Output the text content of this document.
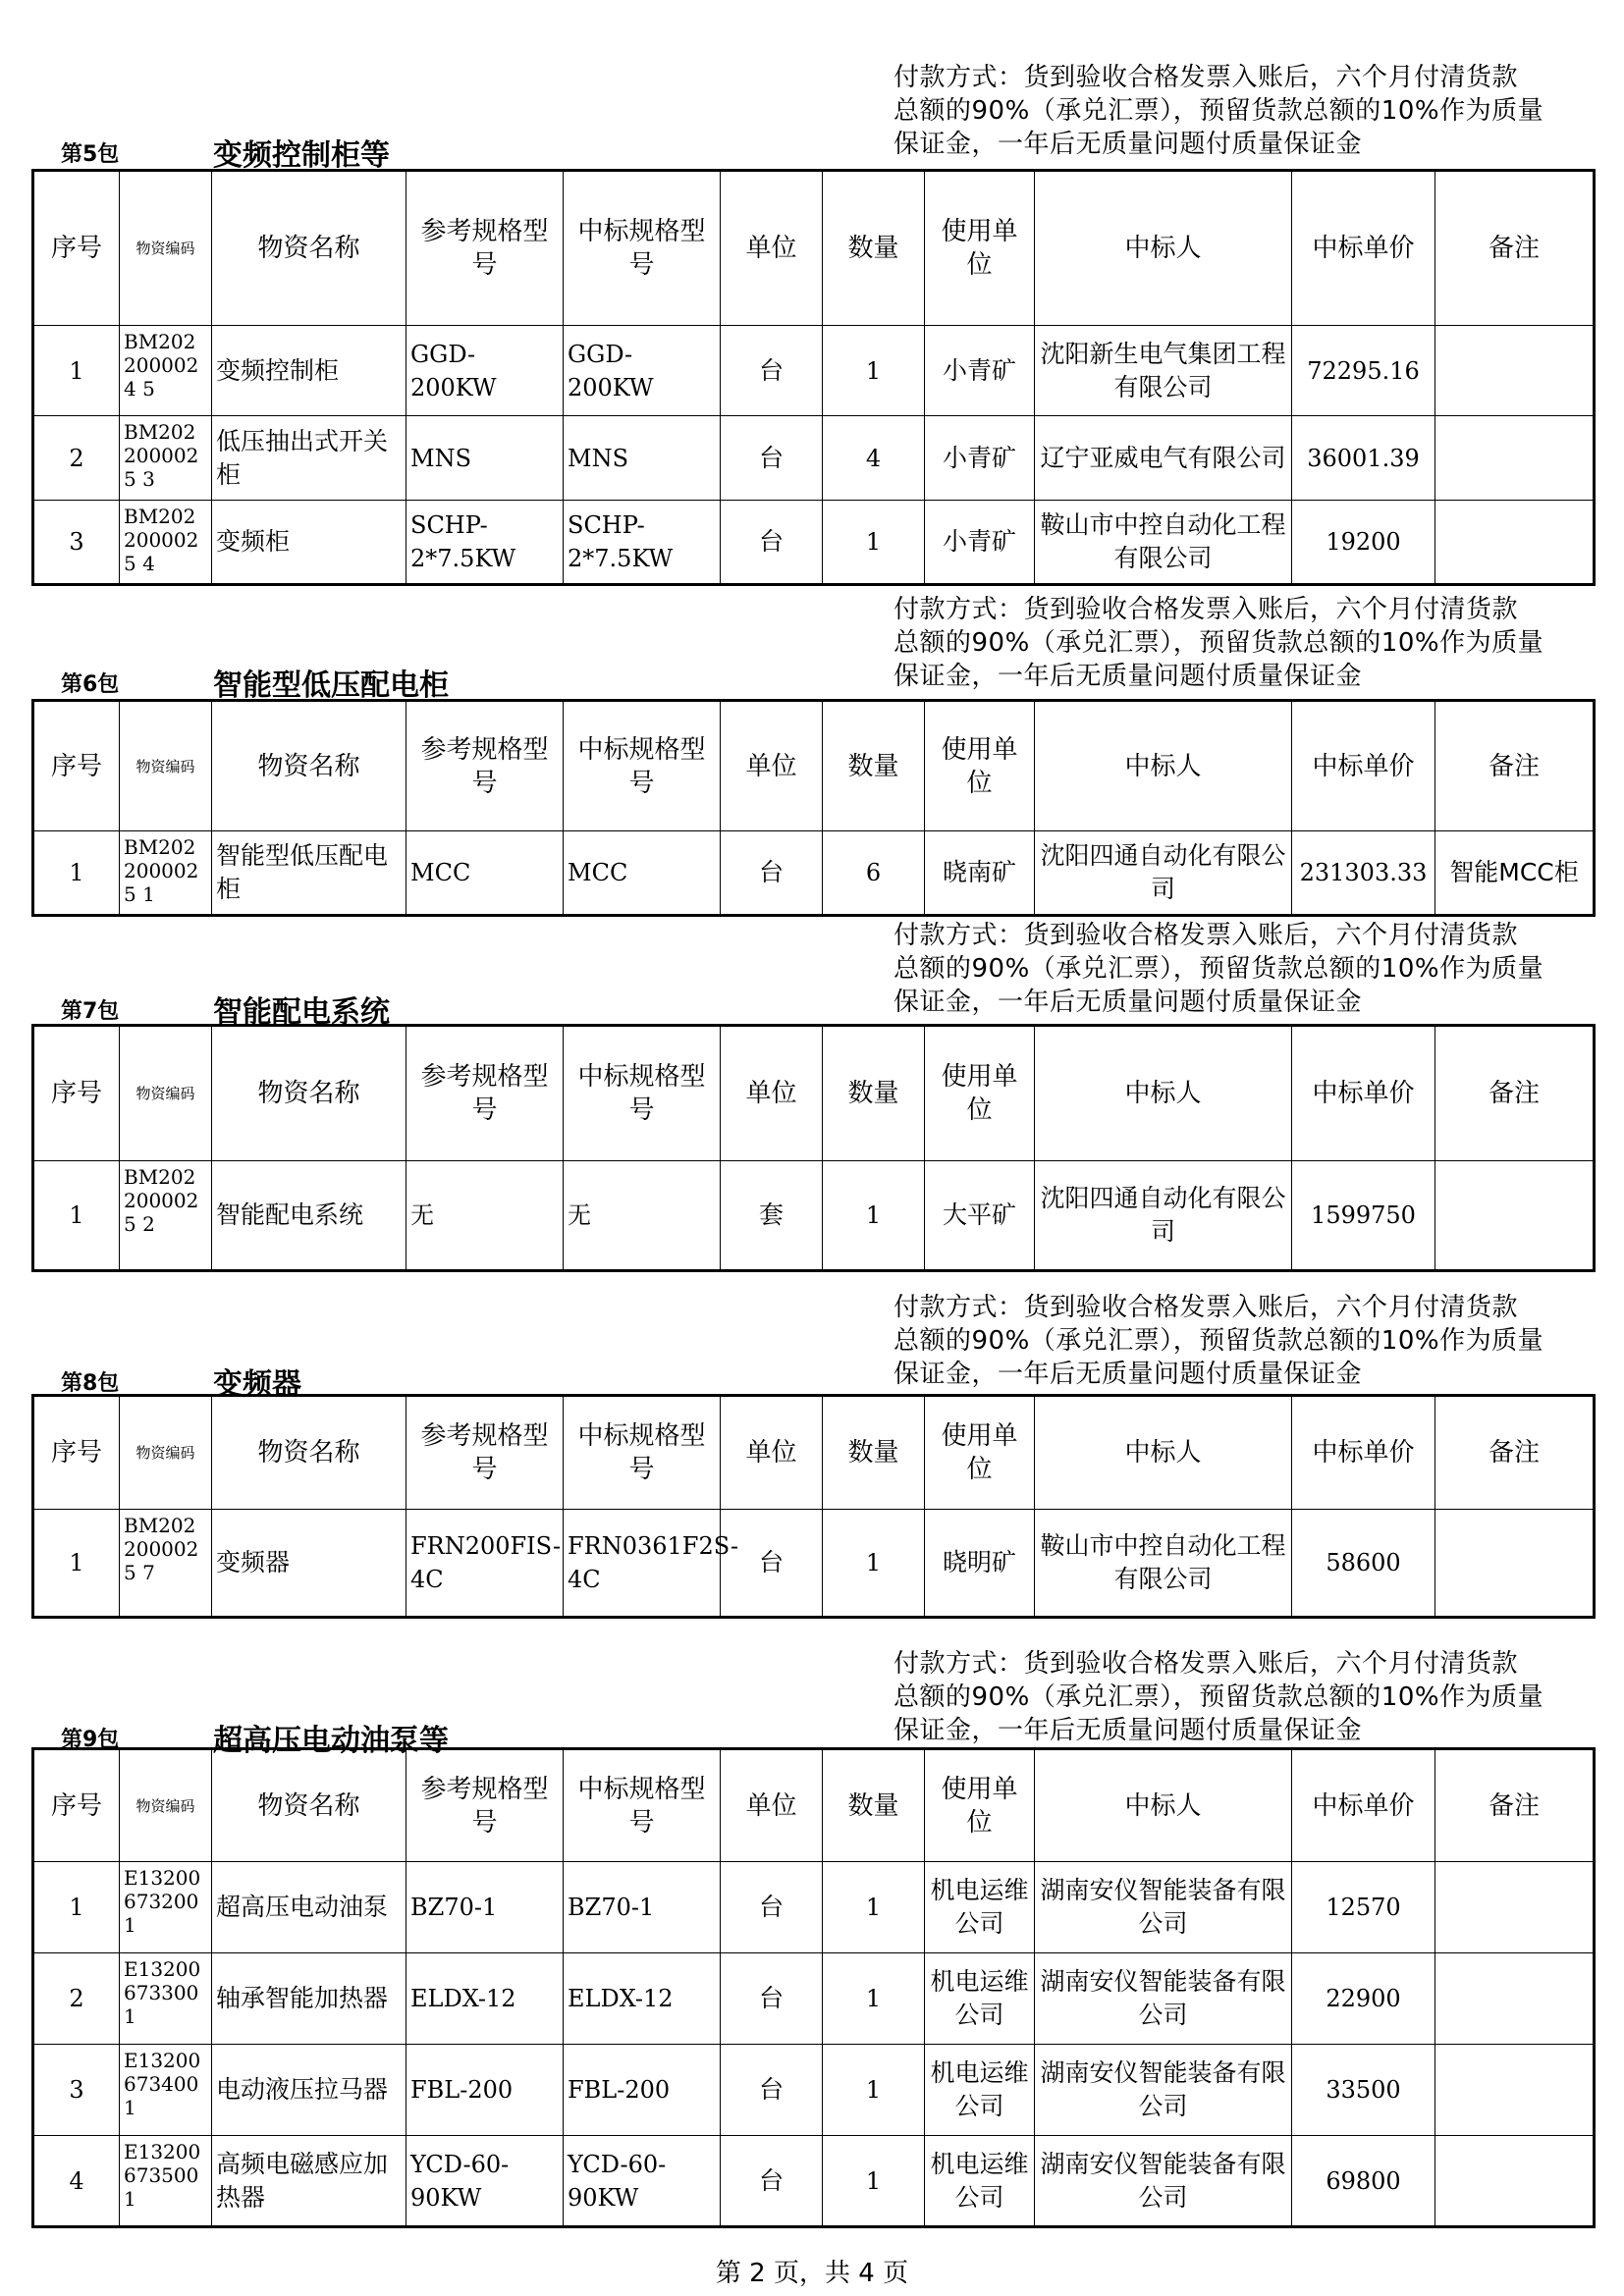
付款方式：货到验收合格发票入账后，六个月付清货款
总额的90%（承兑汇票），预留货款总额的10%作为质量
保证金，一年后无质量问题付质量保证金
第5包	变频控制柜等
序号	物资编码	物资名称	参考规格型号	中标规格型号	单位	数量	使用单位	中标人	中标单价	备注
1	BM2022000024 5	变频控制柜	GGD-200KW	GGD-200KW	台	1	小青矿	沈阳新生电气集团工程有限公司	72295.16	
2	BM2022000025 3	低压抽出式开关柜	MNS	MNS	台	4	小青矿	辽宁亚威电气有限公司	36001.39	
3	BM2022000025 4	变频柜	SCHP-2*7.5KW	SCHP-2*7.5KW	台	1	小青矿	鞍山市中控自动化工程有限公司	19200	
付款方式：货到验收合格发票入账后，六个月付清货款
总额的90%（承兑汇票），预留货款总额的10%作为质量
保证金，一年后无质量问题付质量保证金
第6包	智能型低压配电柜
序号	物资编码	物资名称	参考规格型号	中标规格型号	单位	数量	使用单位	中标人	中标单价	备注
1	BM2022000025 1	智能型低压配电柜	MCC	MCC	台	6	晓南矿	沈阳四通自动化有限公司	231303.33	智能MCC柜
付款方式：货到验收合格发票入账后，六个月付清货款
总额的90%（承兑汇票），预留货款总额的10%作为质量
保证金，一年后无质量问题付质量保证金
第7包	智能配电系统
序号	物资编码	物资名称	参考规格型号	中标规格型号	单位	数量	使用单位	中标人	中标单价	备注
1	BM2022000025 2	智能配电系统	无	无	套	1	大平矿	沈阳四通自动化有限公司	1599750	
付款方式：货到验收合格发票入账后，六个月付清货款
总额的90%（承兑汇票），预留货款总额的10%作为质量
保证金，一年后无质量问题付质量保证金
第8包	变频器
序号	物资编码	物资名称	参考规格型号	中标规格型号	单位	数量	使用单位	中标人	中标单价	备注
1	BM2022000025 7	变频器	FRN200FIS-4C	FRN0361F2S-4C	台	1	晓明矿	鞍山市中控自动化工程有限公司	58600	
付款方式：货到验收合格发票入账后，六个月付清货款
总额的90%（承兑汇票），预留货款总额的10%作为质量
保证金，一年后无质量问题付质量保证金
第9包	超高压电动油泵等
序号	物资编码	物资名称	参考规格型号	中标规格型号	单位	数量	使用单位	中标人	中标单价	备注
1	E13200673200 1	超高压电动油泵	BZ70-1	BZ70-1	台	1	机电运维公司	湖南安仪智能装备有限公司	12570	
2	E13200673300 1	轴承智能加热器	ELDX-12	ELDX-12	台	1	机电运维公司	湖南安仪智能装备有限公司	22900	
3	E13200673400 1	电动液压拉马器	FBL-200	FBL-200	台	1	机电运维公司	湖南安仪智能装备有限公司	33500	
4	E13200673500 1	高频电磁感应加热器	YCD-60-90KW	YCD-60-90KW	台	1	机电运维公司	湖南安仪智能装备有限公司	69800	
第 2 页，共 4 页
